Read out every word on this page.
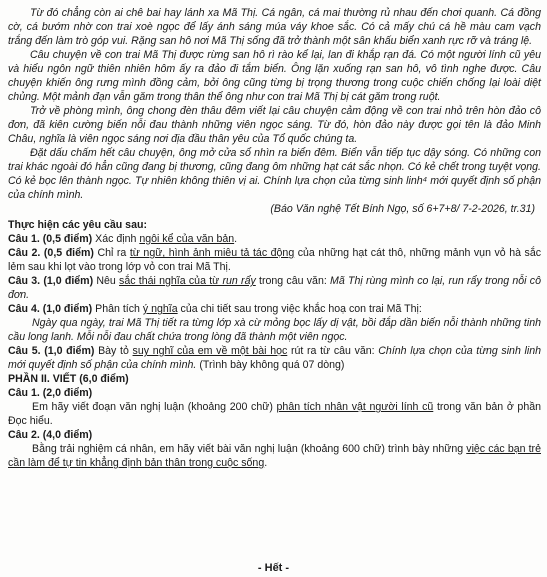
Từ đó chẳng còn ai chê bai hay lánh xa Mã Thị. Cá ngân, cá mai thường rủ nhau đến chơi quanh. Cá đồng cờ, cá bướm nhờ con trai xoè ngọc để lấy ánh sáng múa váy khoe sắc. Có cả mấy chú cá hề màu cam vạch trắng đến làm trò góp vui. Rặng san hô nơi Mã Thị sống đã trở thành một sân khấu biển xanh rực rỡ và tráng lệ.

Câu chuyện về con trai Mã Thị được rừng san hô rì rào kể lại, lan đi khắp rạn đá. Có một người lính cũ yêu và hiểu ngôn ngữ thiên nhiên hôm ấy ra đảo đi tắm biển. Ông lặn xuống rạn san hô, vô tình nghe được. Câu chuyện khiến ông rưng mình đồng cảm, bởi ông cũng từng bị trọng thương trong cuộc chiến chống lại loài diệt chủng. Một mảnh đạn vẫn găm trong thân thể ông như con trai Mã Thị bị cát găm trong ruột.

Trở về phòng mình, ông chong đèn thâu đêm viết lại câu chuyện cảm động về con trai nhỏ trên hòn đảo cô đơn, đã kiên cường biến nỗi đau thành những viên ngọc sáng. Từ đó, hòn đảo này được gọi tên là đảo Minh Châu, nghĩa là viên ngọc sáng nơi địa đầu thân yêu của Tổ quốc chúng ta.

Đặt dấu chấm hết câu chuyện, ông mở cửa sổ nhìn ra biển đêm. Biển vẫn tiếp tục dậy sóng. Có những con trai khác ngoài đó hẳn cũng đang bị thương, cũng đang ôm những hạt cát sắc nhọn. Có kẻ chết trong tuyệt vọng. Có kẻ bọc lên thành ngọc. Tự nhiên không thiên vị ai. Chính lựa chọn của từng sinh linh⁴ mới quyết định số phận của chính mình.

(Báo Văn nghệ Tết Bính Ngọ, số 6+7+8/ 7-2-2026, tr.31)

Thực hiện các yêu cầu sau:

Câu 1. (0,5 điểm) Xác định ngôi kể của văn bản.

Câu 2. (0,5 điểm) Chỉ ra từ ngữ, hình ảnh miêu tả tác động của những hạt cát thô, những mảnh vụn vỏ hà sắc lẻm sau khi lọt vào trong lớp vỏ con trai Mã Thị.

Câu 3. (1,0 điểm) Nêu sắc thái nghĩa của từ run rẩy trong câu văn: Mã Thị rùng mình co lại, run rẩy trong nỗi cô đơn.

Câu 4. (1,0 điểm) Phân tích ý nghĩa của chi tiết sau trong việc khắc hoạ con trai Mã Thị:

Ngày qua ngày, trai Mã Thị tiết ra từng lớp xà cừ mỏng bọc lấy dị vật, bồi đắp dần biến nỗi thành những tinh cầu long lanh. Mỗi nỗi đau chất chứa trong lòng đã thành một viên ngọc.

Câu 5. (1,0 điểm) Bày tỏ suy nghĩ của em về một bài học rút ra từ câu văn: Chính lựa chọn của từng sinh linh mới quyết định số phận của chính mình. (Trình bày không quá 07 dòng)

PHẦN II. VIẾT (6,0 điểm)

Câu 1. (2,0 điểm)

Em hãy viết đoạn văn nghị luận (khoảng 200 chữ) phân tích nhân vật người lính cũ trong văn bản ở phần Đọc hiểu.

Câu 2. (4,0 điểm)

Bằng trải nghiệm cá nhân, em hãy viết bài văn nghị luận (khoảng 600 chữ) trình bày những việc các bạn trẻ cần làm để tự tin khẳng định bản thân trong cuộc sống.

- Hết -
